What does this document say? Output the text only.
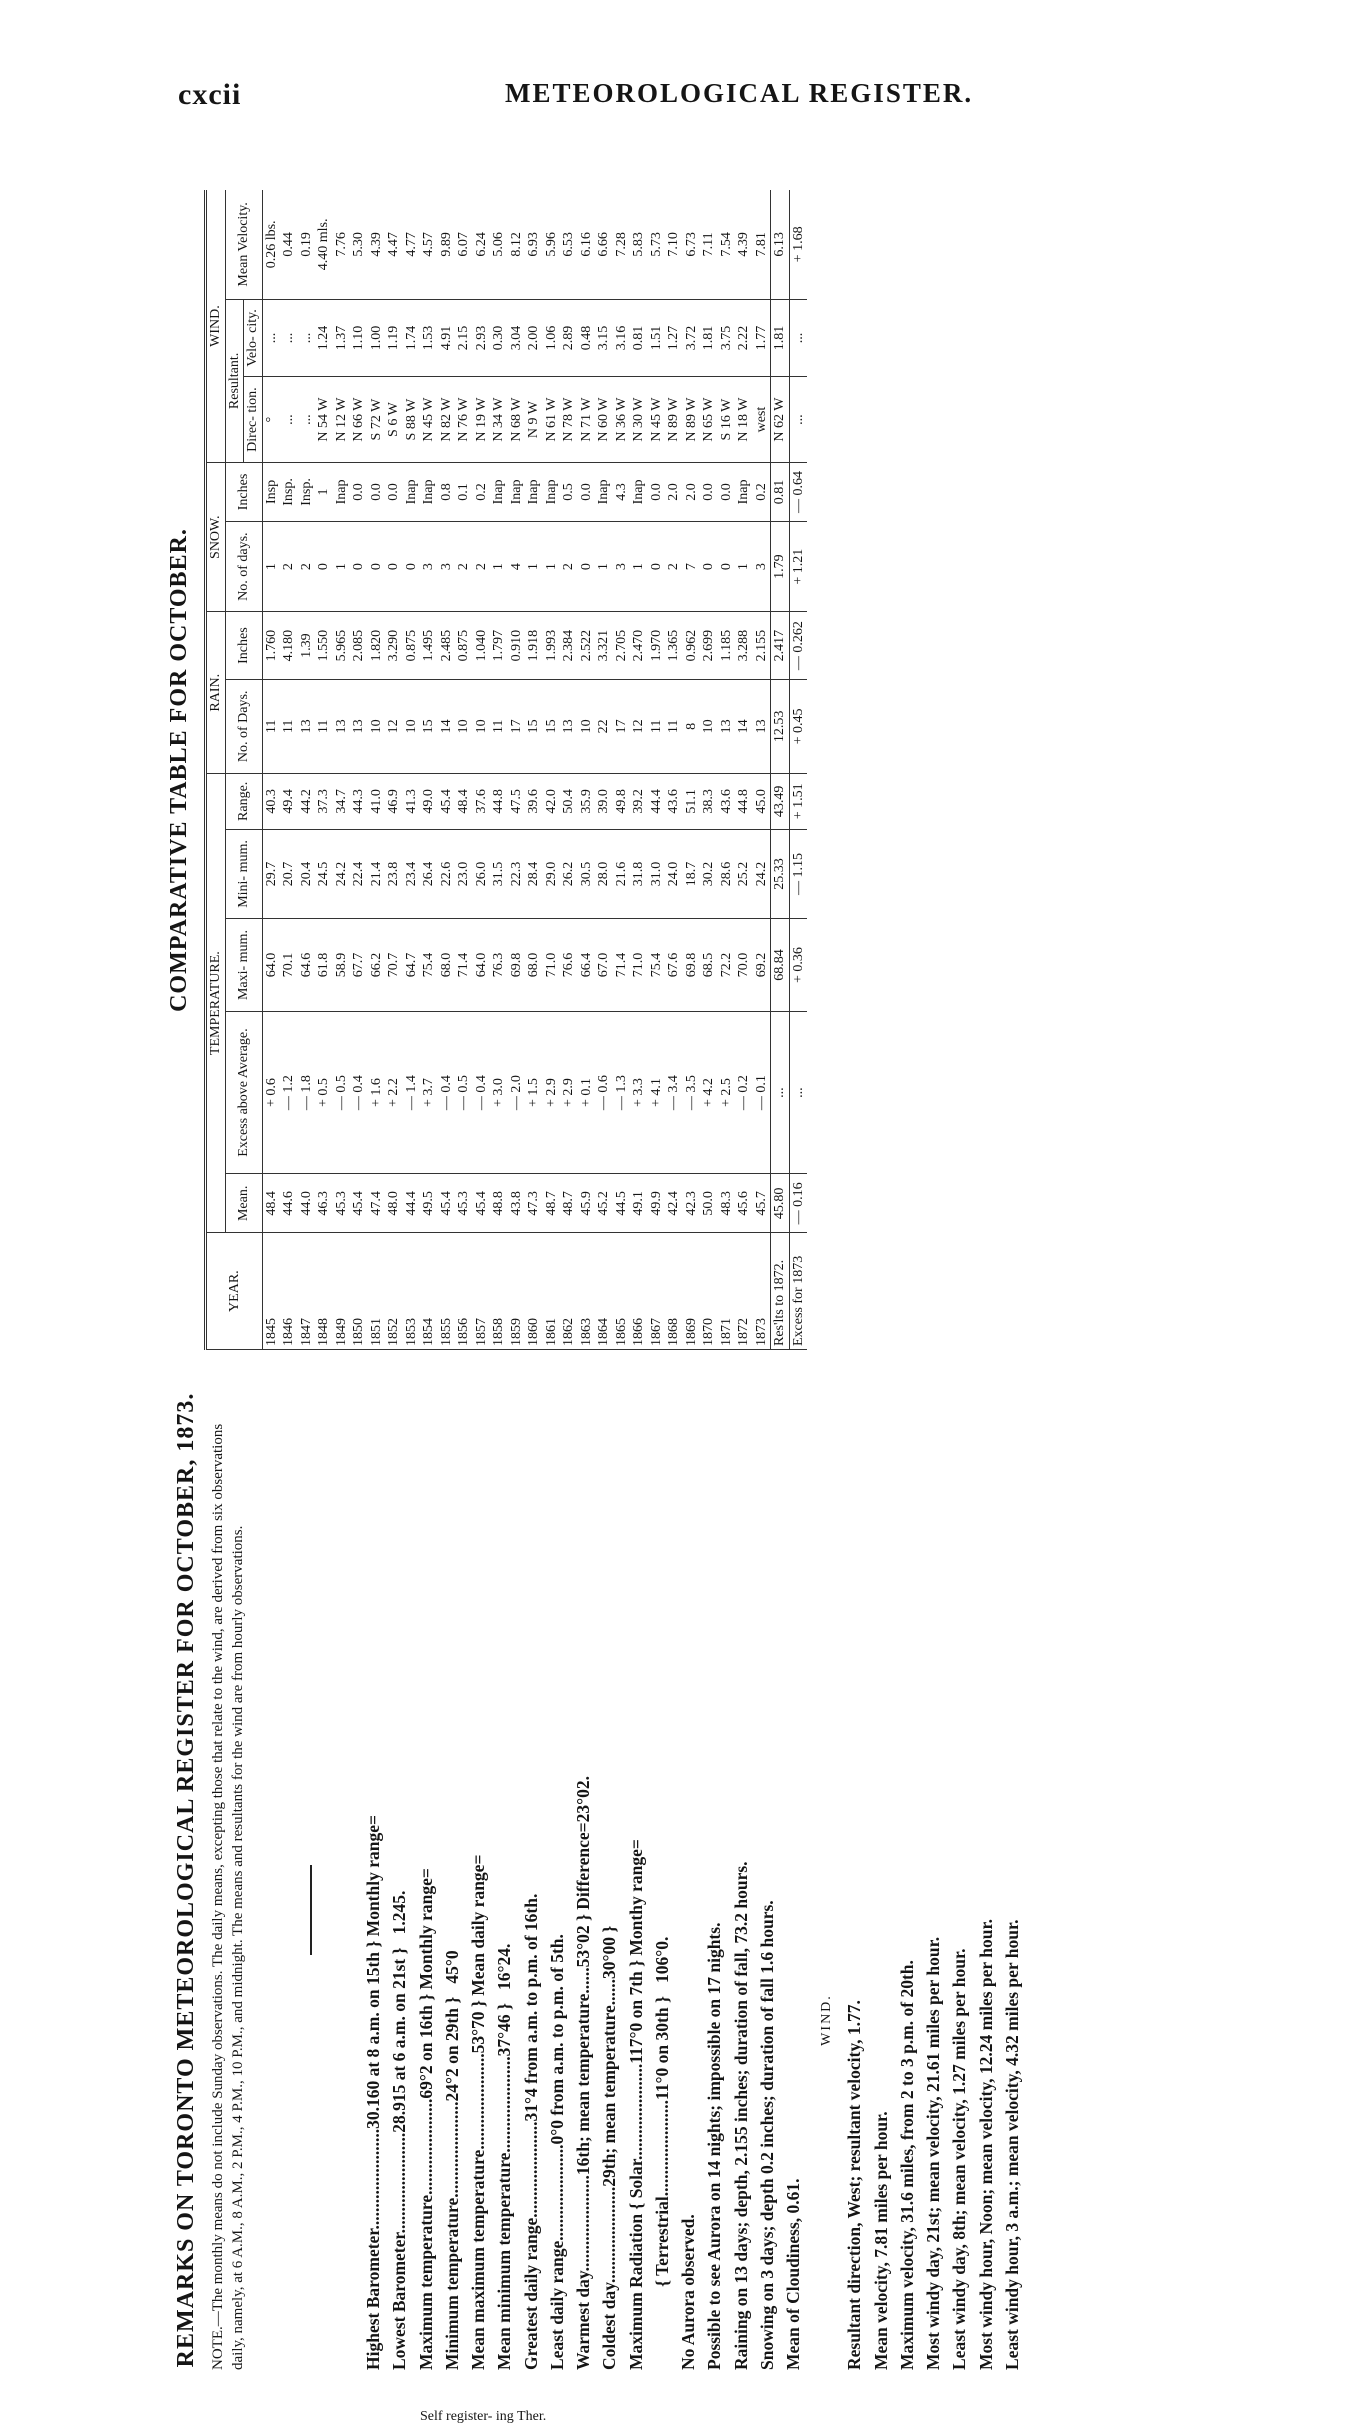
cxcii	METEOROLOGICAL REGISTER.
REMARKS ON TORONTO METEOROLOGICAL REGISTER FOR OCTOBER, 1873. NOTE.—The monthly means do not include Sunday observations. The daily means, excepting those that relate to the wind, are derived from six observations daily, namely, at 6 A.M., 8 A.M., 2 P.M., 4 P.M., 10 P.M., and midnight. The means and resultants for the wind are from hourly observations.	Highest Barometer.......................30.160 at 8 a.m. on 15th } Monthly range= Lowest Barometer.......................28.915 at 6 a.m. on 21st }   1.245. Maximum temperature......................69°2 on 16th } Monthly range= Minimum temperature......................24°2 on 29th }   45°0 Mean maximum temperature......................53°70 } Mean daily range= Mean minimum temperature......................37°46 }   16°24. Greatest daily range......................31°4 from a.m. to p.m. of 16th. Least daily range......................0°0 from a.m. to p.m. of 5th. Warmest day......................16th; mean temperature......53°02 } Difference=23°02. Coldest day......................29th; mean temperature......30°00 } Maximum Radiation { Solar......................117°0 on 7th } Monthy range= { Terrestrial......................11°0 on 30th }   106°0. No Aurora observed. Possible to see Aurora on 14 nights; impossible on 17 nights. Raining on 13 days; depth, 2.155 inches; duration of fall, 73.2 hours. Snowing on 3 days; depth 0.2 inches; duration of fall 1.6 hours. Mean of Cloudiness, 0.61.
Self register- ing Ther.
WIND. Resultant direction, West; resultant velocity, 1.77. Mean velocity, 7.81 miles per hour. Maximum velocity, 31.6 miles, from 2 to 3 p.m. of 20th. Most windy day, 21st; mean velocity, 21.61 miles per hour. Least windy day, 8th; mean velocity, 1.27 miles per hour. Most windy hour, Noon; mean velocity, 12.24 miles per hour. Least windy hour, 3 a.m.; mean velocity, 4.32 miles per hour.
COMPARATIVE TABLE FOR OCTOBER.
YEAR.	TEMPERATURE.					RAIN.		SNOW.		WIND.		
	Mean.	Excess above Average.	Maxi- mum.	Mini- mum.	Range.	No. of Days.	Inches	No. of days.	Inches	Resultant.		Mean Velocity.
										Direc- tion.	Velo- city.	
1845	48.4	+ 0.6	64.0	29.7	40.3	11	1.760	1	Insp	°	...	0.26 lbs.
1846	44.6	— 1.2	70.1	20.7	49.4	11	4.180	2	Insp.	...	...	0.44
1847	44.0	— 1.8	64.6	20.4	44.2	13	1.39	2	Insp.	...	...	0.19
1848	46.3	+ 0.5	61.8	24.5	37.3	11	1.550	0	1	N 54 W	1.24	4.40 mls.
1849	45.3	— 0.5	58.9	24.2	34.7	13	5.965	1	Inap	N 12 W	1.37	7.76
1850	45.4	— 0.4	67.7	22.4	44.3	13	2.085	0	0.0	N 66 W	1.10	5.30
1851	47.4	+ 1.6	66.2	21.4	41.0	10	1.820	0	0.0	S 72 W	1.00	4.39
1852	48.0	+ 2.2	70.7	23.8	46.9	12	3.290	0	0.0	S 6 W	1.19	4.47
1853	44.4	— 1.4	64.7	23.4	41.3	10	0.875	0	Inap	S 88 W	1.74	4.77
1854	49.5	+ 3.7	75.4	26.4	49.0	15	1.495	3	Inap	N 45 W	1.53	4.57
1855	45.4	— 0.4	68.0	22.6	45.4	14	2.485	3	0.8	N 82 W	4.91	9.89
1856	45.3	— 0.5	71.4	23.0	48.4	10	0.875	2	0.1	N 76 W	2.15	6.07
1857	45.4	— 0.4	64.0	26.0	37.6	10	1.040	2	0.2	N 19 W	2.93	6.24
1858	48.8	+ 3.0	76.3	31.5	44.8	11	1.797	1	Inap	N 34 W	0.30	5.06
1859	43.8	— 2.0	69.8	22.3	47.5	17	0.910	4	Inap	N 68 W	3.04	8.12
1860	47.3	+ 1.5	68.0	28.4	39.6	15	1.918	1	Inap	N 9 W	2.00	6.93
1861	48.7	+ 2.9	71.0	29.0	42.0	15	1.993	1	Inap	N 61 W	1.06	5.96
1862	48.7	+ 2.9	76.6	26.2	50.4	13	2.384	2	0.5	N 78 W	2.89	6.53
1863	45.9	+ 0.1	66.4	30.5	35.9	10	2.522	0	0.0	N 71 W	0.48	6.16
1864	45.2	— 0.6	67.0	28.0	39.0	22	3.321	1	Inap	N 60 W	3.15	6.66
1865	44.5	— 1.3	71.4	21.6	49.8	17	2.705	3	4.3	N 36 W	3.16	7.28
1866	49.1	+ 3.3	71.0	31.8	39.2	12	2.470	1	Inap	N 30 W	0.81	5.83
1867	49.9	+ 4.1	75.4	31.0	44.4	11	1.970	0	0.0	N 45 W	1.51	5.73
1868	42.4	— 3.4	67.6	24.0	43.6	11	1.365	2	2.0	N 89 W	1.27	7.10
1869	42.3	— 3.5	69.8	18.7	51.1	8	0.962	7	2.0	N 89 W	3.72	6.73
1870	50.0	+ 4.2	68.5	30.2	38.3	10	2.699	0	0.0	N 65 W	1.81	7.11
1871	48.3	+ 2.5	72.2	28.6	43.6	13	1.185	0	0.0	S 16 W	3.75	7.54
1872	45.6	— 0.2	70.0	25.2	44.8	14	3.288	1	Inap	N 18 W	2.22	4.39
1873	45.7	— 0.1	69.2	24.2	45.0	13	2.155	3	0.2	west	1.77	7.81
Res'lts to 1872.	45.80	...	68.84	25.33	43.49	12.53	2.417	1.79	0.81	N 62 W	1.81	6.13
Excess for 1873	— 0.16	...	+ 0.36	— 1.15	+ 1.51	+ 0.45	— 0.262	+ 1.21	— 0.64	...	...	+ 1.68
